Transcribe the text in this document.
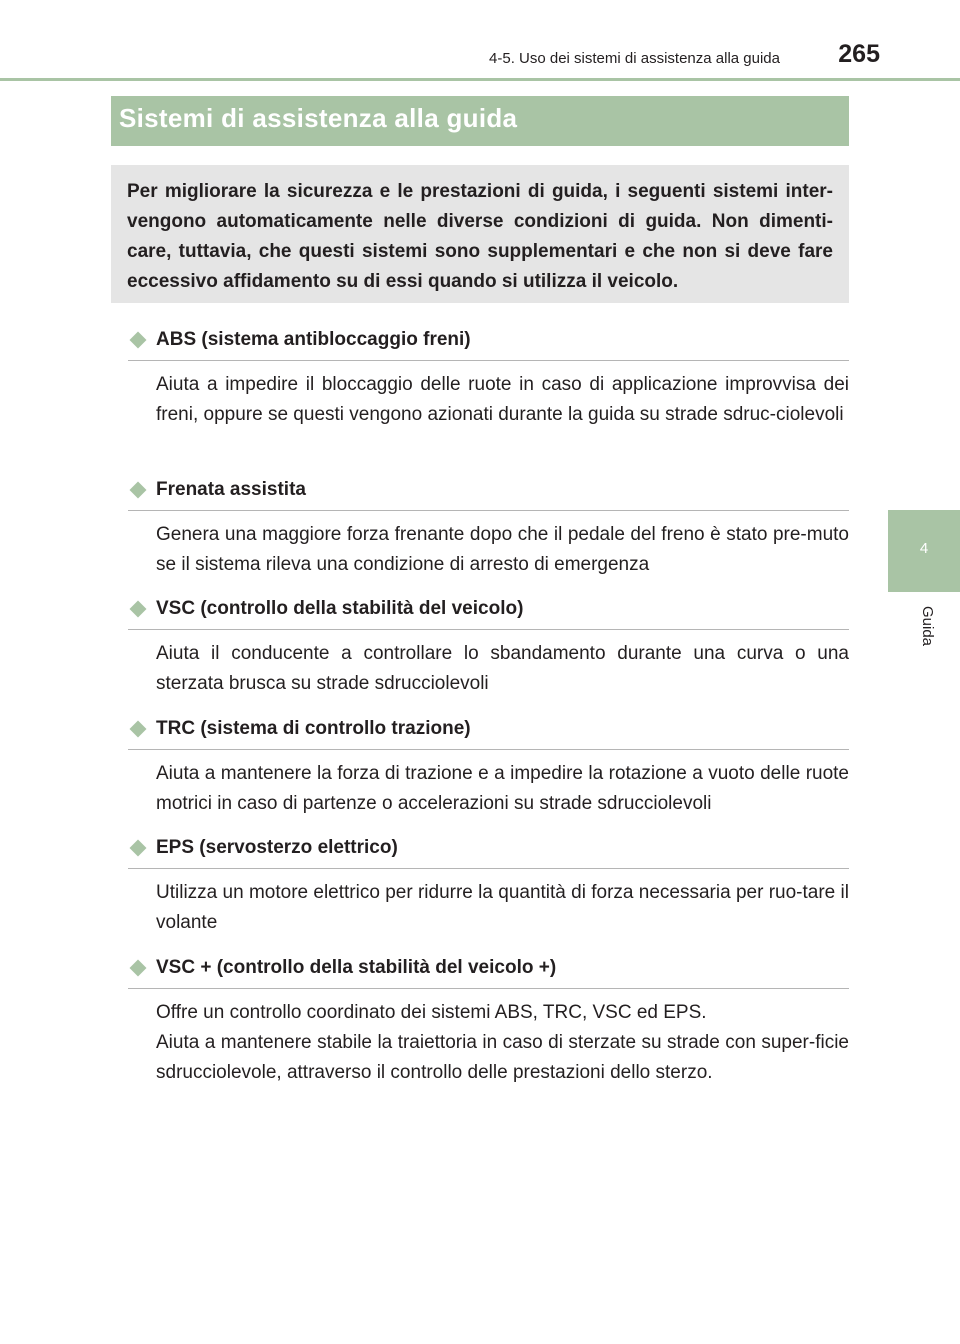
4-5. Uso dei sistemi di assistenza alla guida 265
4
Guida
Sistemi di assistenza alla guida

Per migliorare la sicurezza e le prestazioni di guida, i seguenti sistemi inter-vengono automaticamente nelle diverse condizioni di guida. Non dimenti-care, tuttavia, che questi sistemi sono supplementari e che non si deve fare eccessivo affidamento su di essi quando si utilizza il veicolo.

ABS (sistema antibloccaggio freni)

Aiuta a impedire il bloccaggio delle ruote in caso di applicazione improvvisa dei freni, oppure se questi vengono azionati durante la guida su strade sdruc-ciolevoli

Frenata assistita

Genera una maggiore forza frenante dopo che il pedale del freno è stato pre-muto se il sistema rileva una condizione di arresto di emergenza

VSC (controllo della stabilità del veicolo)

Aiuta il conducente a controllare lo sbandamento durante una curva o una sterzata brusca su strade sdrucciolevoli

TRC (sistema di controllo trazione)

Aiuta a mantenere la forza di trazione e a impedire la rotazione a vuoto delle ruote motrici in caso di partenze o accelerazioni su strade sdrucciolevoli

EPS (servosterzo elettrico)

Utilizza un motore elettrico per ridurre la quantità di forza necessaria per ruo-tare il volante

VSC + (controllo della stabilità del veicolo +)

Offre un controllo coordinato dei sistemi ABS, TRC, VSC ed EPS.
Aiuta a mantenere stabile la traiettoria in caso di sterzate su strade con super-ficie sdrucciolevole, attraverso il controllo delle prestazioni dello sterzo.
